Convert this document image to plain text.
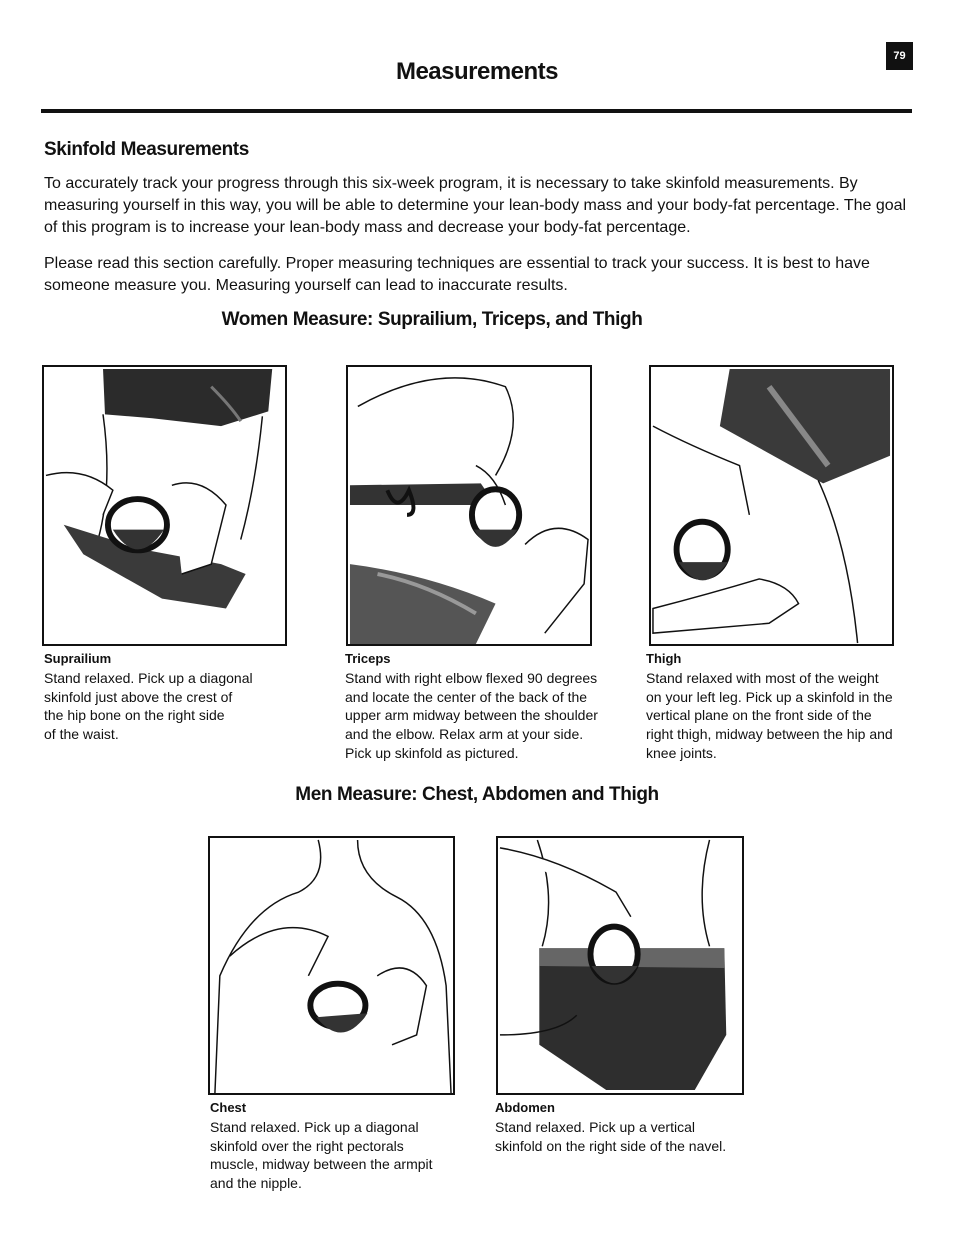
79
Measurements
Skinfold Measurements

To accurately track your progress through this six-week program, it is necessary to take skinfold measurements. By measuring yourself in this way, you will be able to determine your lean-body mass and your body-fat percentage. The goal of this program is to increase your lean-body mass and decrease your body-fat percentage.

Please read this section carefully. Proper measuring techniques are essential to track your success. It is best to have someone measure you. Measuring yourself can lead to inaccurate results.

Women Measure: Suprailium, Triceps, and Thigh
Suprailium
Stand relaxed. Pick up a diagonal
skinfold just above the crest of
the hip bone on the right side
of the waist.
Triceps
Stand with right elbow flexed 90 degrees
and locate the center of the back of the
upper arm midway between the shoulder
and the elbow. Relax arm at your side.
Pick up skinfold as pictured.
Thigh
Stand relaxed with most of the weight
on your left leg. Pick up a skinfold in the
vertical plane on the front side of the
right thigh, midway between the hip and
knee joints.
Men Measure: Chest, Abdomen and Thigh
Chest
Stand relaxed. Pick up a diagonal
skinfold over the right pectorals
muscle, midway between the armpit
and the nipple.
Abdomen
Stand relaxed. Pick up a vertical
skinfold on the right side of the navel.
